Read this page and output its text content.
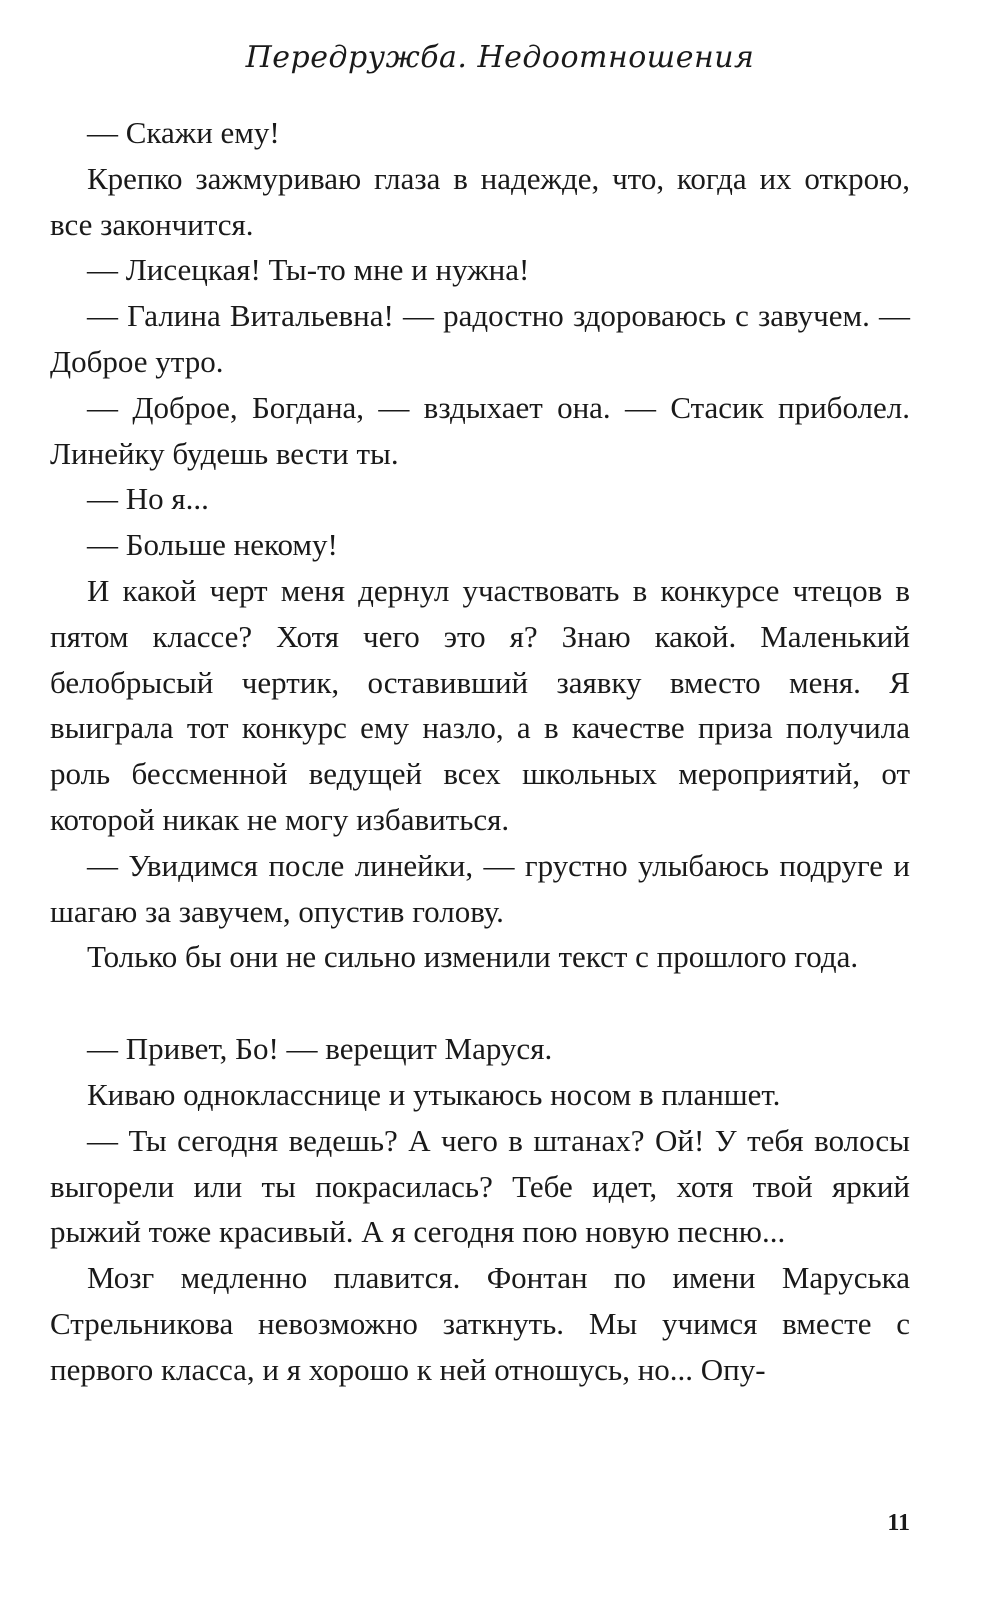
Передружба. Недоотношения

— Скажи ему!

Крепко зажмуриваю глаза в надежде, что, когда их открою, все закончится.

— Лисецкая! Ты-то мне и нужна!

— Галина Витальевна! — радостно здороваюсь с завучем. — Доброе утро.

— Доброе, Богдана, — вздыхает она. — Стасик приболел. Линейку будешь вести ты.

— Но я...

— Больше некому!

И какой черт меня дернул участвовать в конкурсе чтецов в пятом классе? Хотя чего это я? Знаю какой. Маленький белобрысый чертик, оставивший заявку вместо меня. Я выиграла тот конкурс ему назло, а в качестве приза получила роль бессменной ведущей всех школьных мероприятий, от которой никак не могу избавиться.

— Увидимся после линейки, — грустно улыбаюсь подруге и шагаю за завучем, опустив голову.

Только бы они не сильно изменили текст с прошлого года.

— Привет, Бо! — верещит Маруся.

Киваю однокласснице и утыкаюсь носом в планшет.

— Ты сегодня ведешь? А чего в штанах? Ой! У тебя волосы выгорели или ты покрасилась? Тебе идет, хотя твой яркий рыжий тоже красивый. А я сегодня пою новую песню...

Мозг медленно плавится. Фонтан по имени Маруська Стрельникова невозможно заткнуть. Мы учимся вместе с первого класса, и я хорошо к ней отношусь, но... Опу-

11
